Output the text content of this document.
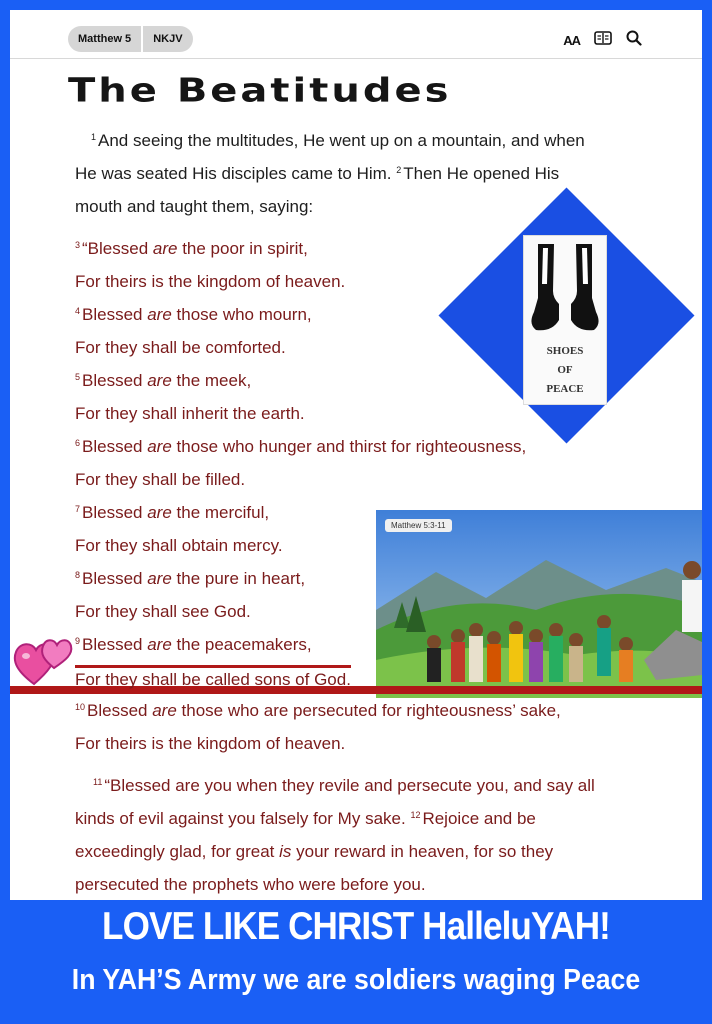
Matthew 5	NKJV	AA
The Beatitudes
$^1$ And seeing the multitudes, He went up on a mountain, and when
He was seated His disciples came to Him. $^2$ Then He opened His
mouth and taught them, saying:
$^3$ “Blessed are the poor in spirit,
For theirs is the kingdom of heaven.
$^4$ Blessed are those who mourn,
For they shall be comforted.
$^5$ Blessed are the meek,
For they shall inherit the earth.
SHOES
OF
PEACE
$^6$ Blessed are those who hunger and thirst for righteousness,
For they shall be filled.
$^7$ Blessed are the merciful,
For they shall obtain mercy.
$^8$ Blessed are the pure in heart,
For they shall see God.
Matthew 5:3-11
$^9$ Blessed are the peacemakers,
For they shall be called sons of God.
$^{10}$ Blessed are those who are persecuted for righteousness’ sake,
For theirs is the kingdom of heaven.
$^{11}$ “Blessed are you when they revile and persecute you, and say all
kinds of evil against you falsely for My sake. $^{12}$ Rejoice and be
exceedingly glad, for great is your reward in heaven, for so they
persecuted the prophets who were before you.
LOVE LIKE CHRIST HalleluYAH!
In YAH’S Army we are soldiers waging Peace
